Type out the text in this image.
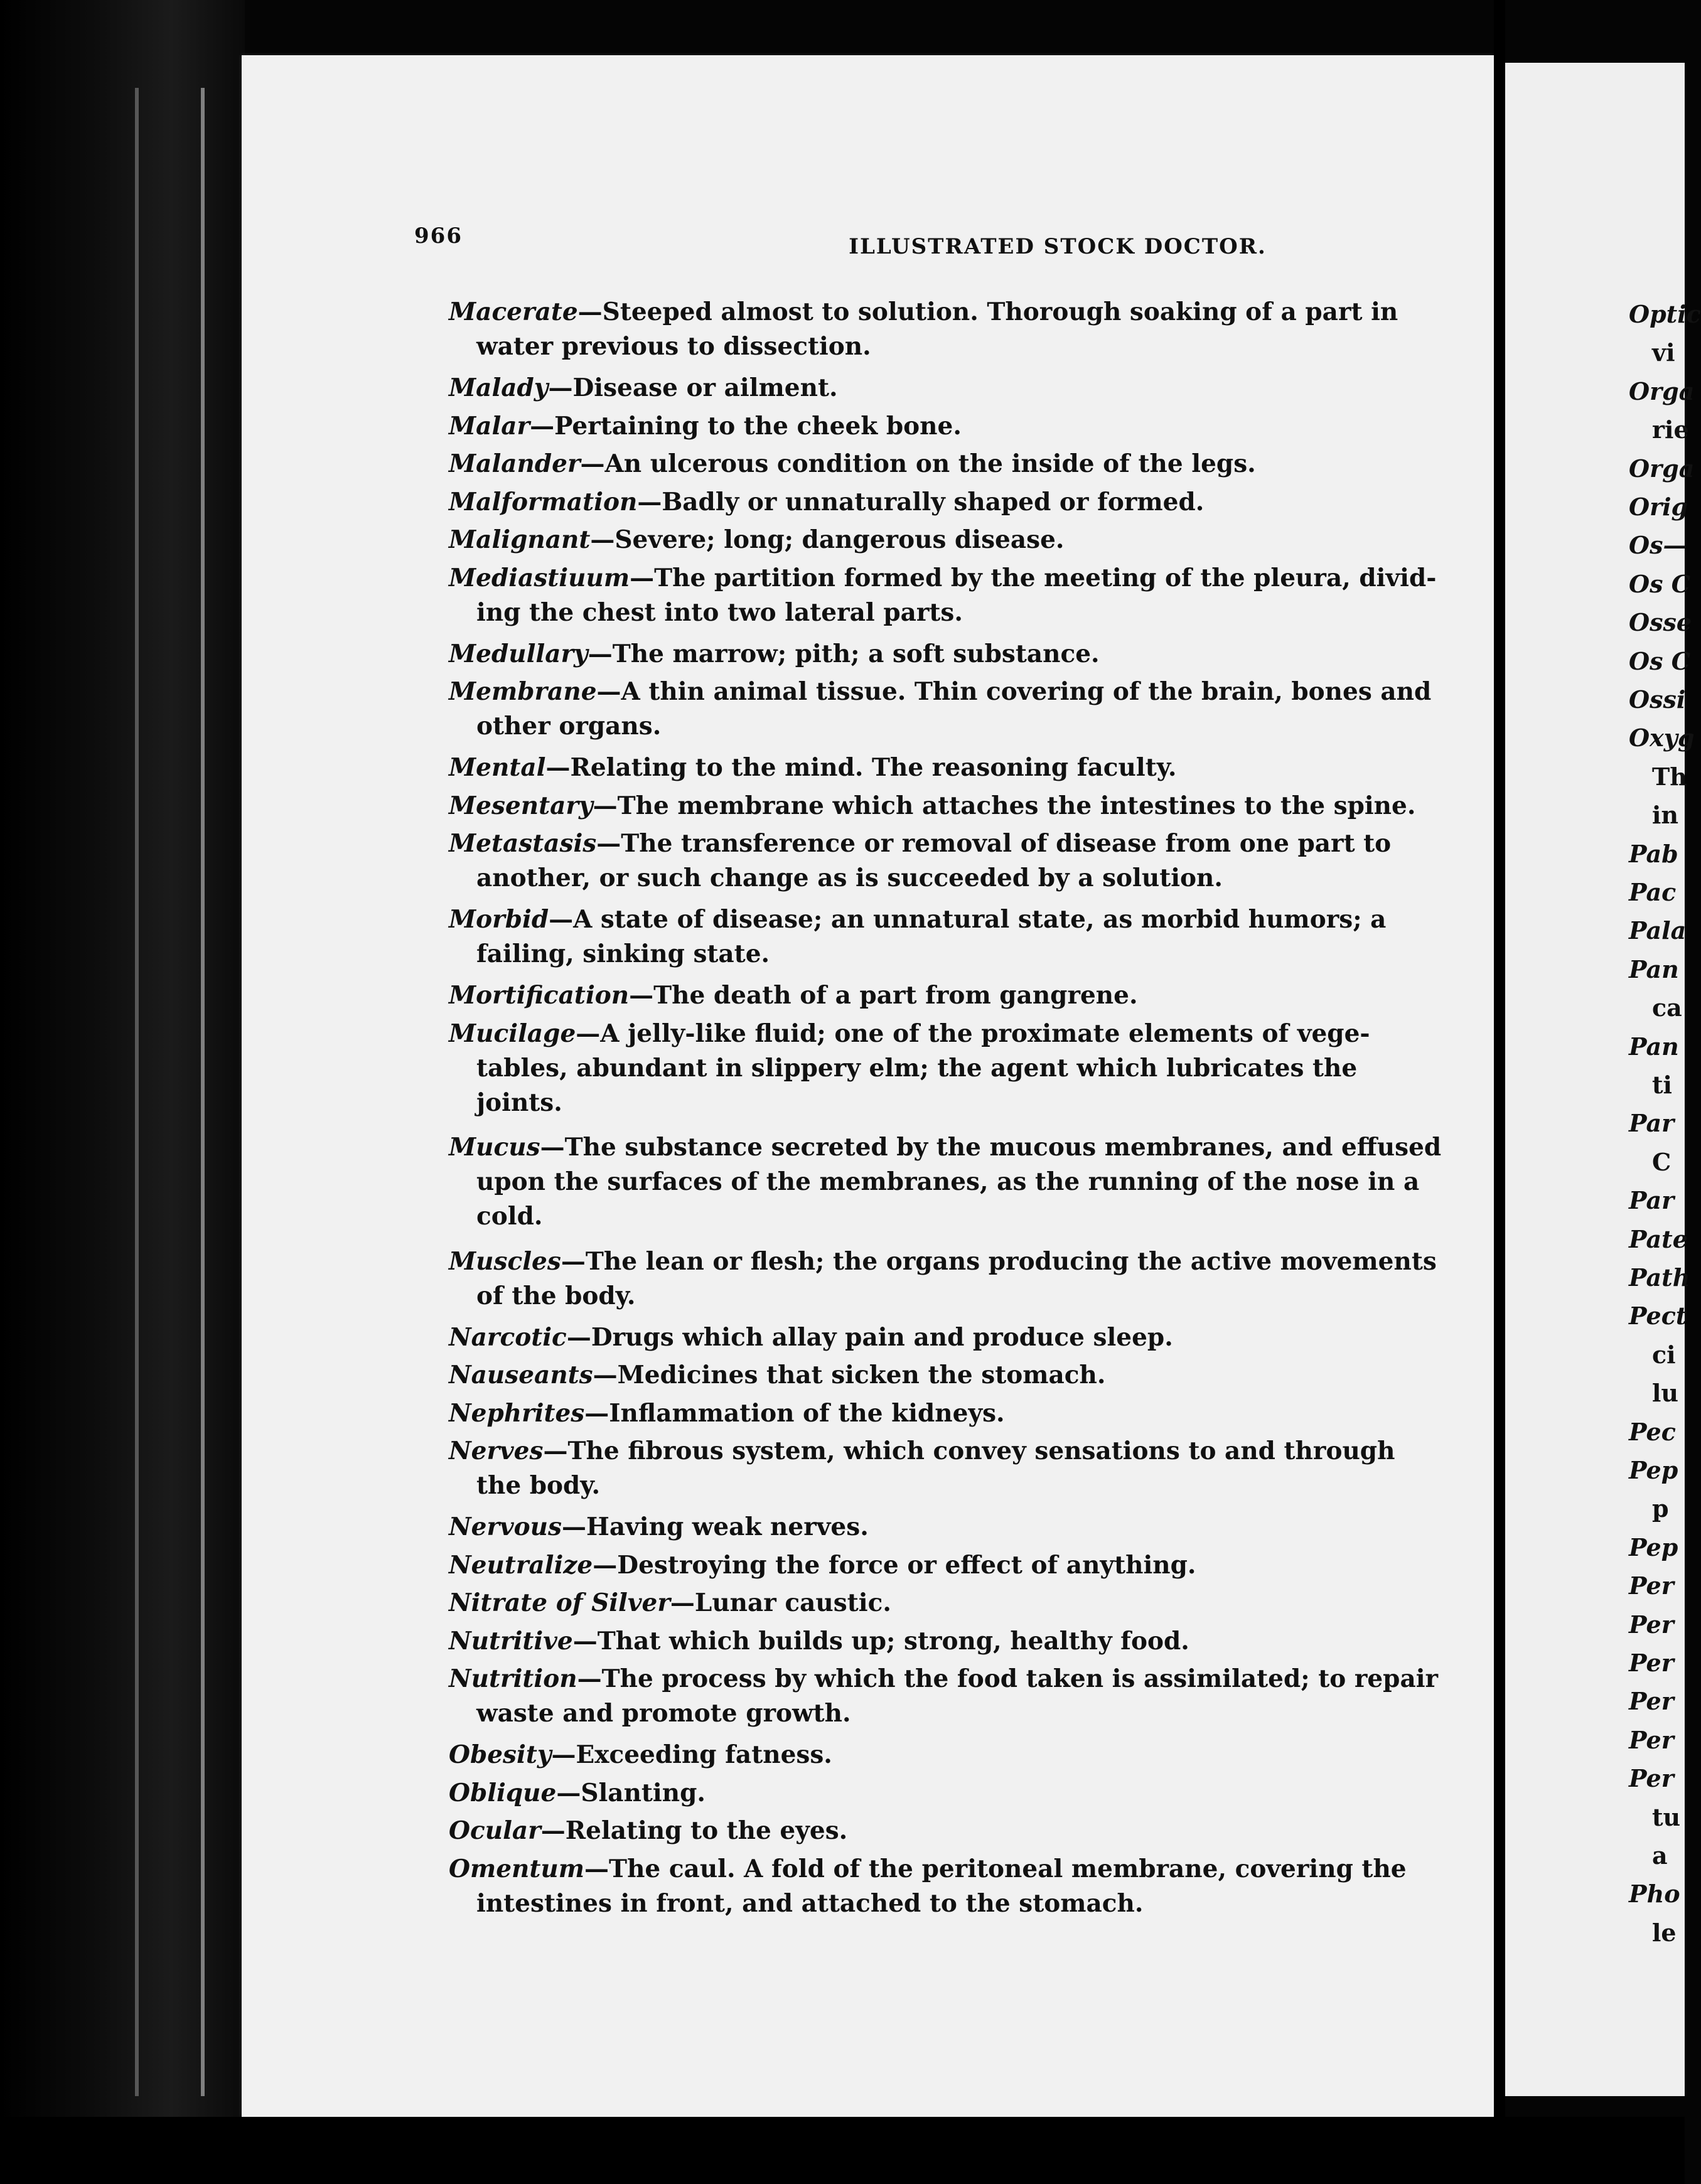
966	ILLUSTRATED STOCK DOCTOR.
Macerate—Steeped almost to solution. Thorough soaking of a part in
water previous to dissection.
Malady—Disease or ailment.
Malar—Pertaining to the cheek bone.
Malander—An ulcerous condition on the inside of the legs.
Malformation—Badly or unnaturally shaped or formed.
Malignant—Severe; long; dangerous disease.
Mediastiuum—The partition formed by the meeting of the pleura, divid-
ing the chest into two lateral parts.
Medullary—The marrow; pith; a soft substance.
Membrane—A thin animal tissue. Thin covering of the brain, bones and
other organs.
Mental—Relating to the mind. The reasoning faculty.
Mesentary—The membrane which attaches the intestines to the spine.
Metastasis—The transference or removal of disease from one part to
another, or such change as is succeeded by a solution.
Morbid—A state of disease; an unnatural state, as morbid humors; a
failing, sinking state.
Mortification—The death of a part from gangrene.
Mucilage—A jelly-like fluid; one of the proximate elements of vege-
tables, abundant in slippery elm; the agent which lubricates the
joints.
Mucus—The substance secreted by the mucous membranes, and effused
upon the surfaces of the membranes, as the running of the nose in a
cold.
Muscles—The lean or flesh; the organs producing the active movements
of the body.
Narcotic—Drugs which allay pain and produce sleep.
Nauseants—Medicines that sicken the stomach.
Nephrites—Inflammation of the kidneys.
Nerves—The fibrous system, which convey sensations to and through
the body.
Nervous—Having weak nerves.
Neutralize—Destroying the force or effect of anything.
Nitrate of Silver—Lunar caustic.
Nutritive—That which builds up; strong, healthy food.
Nutrition—The process by which the food taken is assimilated; to repair
waste and promote growth.
Obesity—Exceeding fatness.
Oblique—Slanting.
Ocular—Relating to the eyes.
Omentum—The caul. A fold of the peritoneal membrane, covering the
intestines in front, and attached to the stomach.
Optic
vi
Orga
rie
Orga
Orig
Os—
Os C
Osse
Os C
Ossi
Oxyg
Th
in
Pab
Pac
Pala
Pan
ca
Pan
ti
Par
C
Par
Pate
Path
Pect
ci
lu
Pec
Pep
p
Pep
Per
Per
Per
Per
Per
Per
tu
a
Pho
le
